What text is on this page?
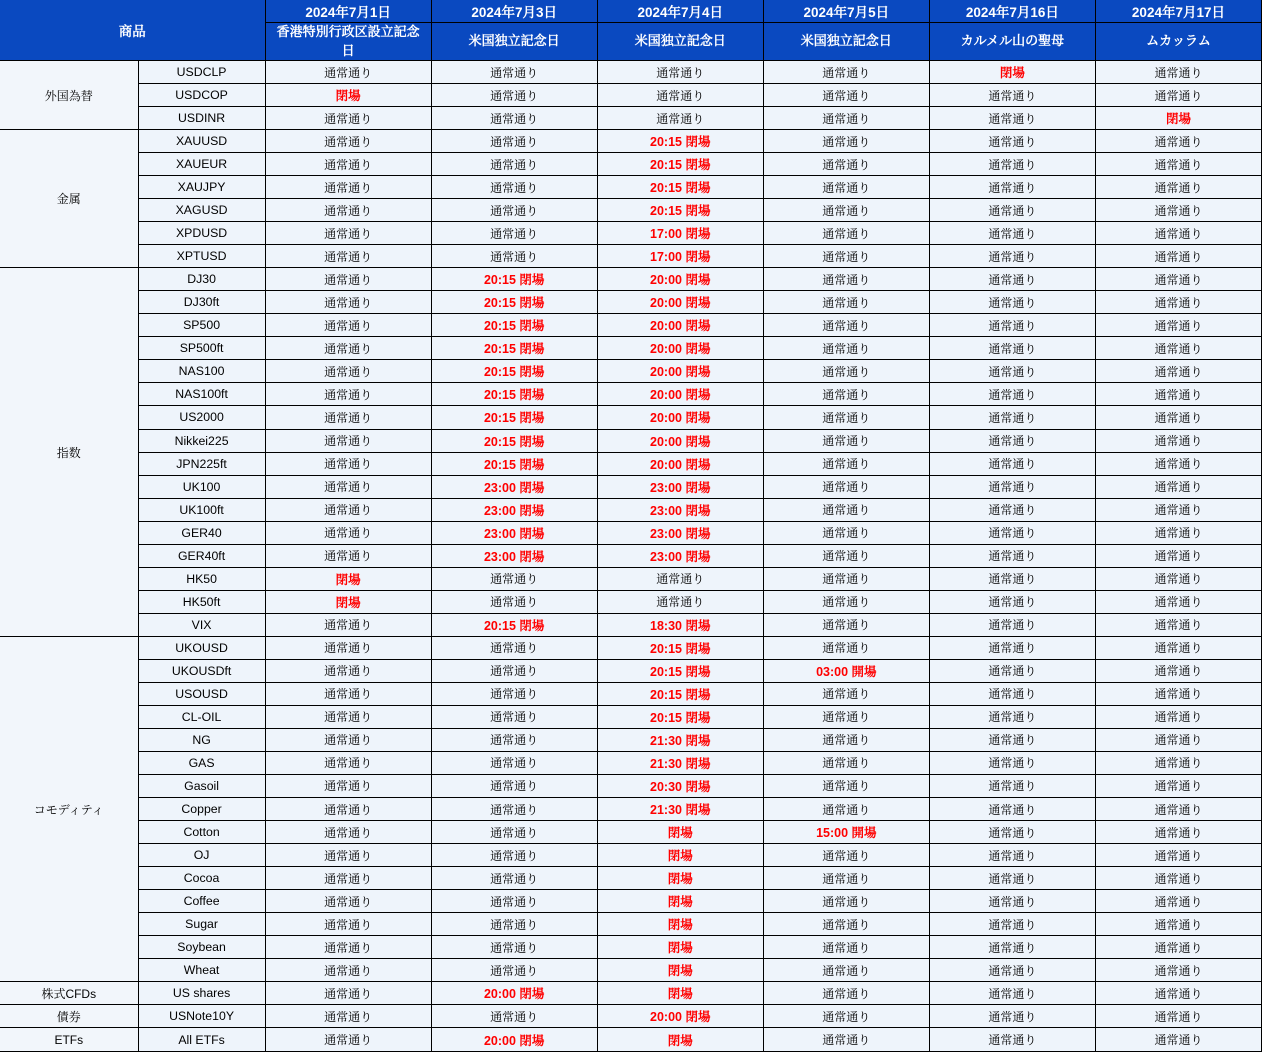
商品		2024年7月1日	2024年7月3日	2024年7月4日	2024年7月5日	2024年7月16日	2024年7月17日
		香港特別行政区設立記念日	米国独立記念日	米国独立記念日	米国独立記念日	カルメル山の聖母	ムカッラム
外国為替	USDCLP	通常通り	通常通り	通常通り	通常通り	閉場	通常通り
	USDCOP	閉場	通常通り	通常通り	通常通り	通常通り	通常通り
	USDINR	通常通り	通常通り	通常通り	通常通り	通常通り	閉場
金属	XAUUSD	通常通り	通常通り	20:15 閉場	通常通り	通常通り	通常通り
	XAUEUR	通常通り	通常通り	20:15 閉場	通常通り	通常通り	通常通り
	XAUJPY	通常通り	通常通り	20:15 閉場	通常通り	通常通り	通常通り
	XAGUSD	通常通り	通常通り	20:15 閉場	通常通り	通常通り	通常通り
	XPDUSD	通常通り	通常通り	17:00 閉場	通常通り	通常通り	通常通り
	XPTUSD	通常通り	通常通り	17:00 閉場	通常通り	通常通り	通常通り
指数	DJ30	通常通り	20:15 閉場	20:00 閉場	通常通り	通常通り	通常通り
	DJ30ft	通常通り	20:15 閉場	20:00 閉場	通常通り	通常通り	通常通り
	SP500	通常通り	20:15 閉場	20:00 閉場	通常通り	通常通り	通常通り
	SP500ft	通常通り	20:15 閉場	20:00 閉場	通常通り	通常通り	通常通り
	NAS100	通常通り	20:15 閉場	20:00 閉場	通常通り	通常通り	通常通り
	NAS100ft	通常通り	20:15 閉場	20:00 閉場	通常通り	通常通り	通常通り
	US2000	通常通り	20:15 閉場	20:00 閉場	通常通り	通常通り	通常通り
	Nikkei225	通常通り	20:15 閉場	20:00 閉場	通常通り	通常通り	通常通り
	JPN225ft	通常通り	20:15 閉場	20:00 閉場	通常通り	通常通り	通常通り
	UK100	通常通り	23:00 閉場	23:00 閉場	通常通り	通常通り	通常通り
	UK100ft	通常通り	23:00 閉場	23:00 閉場	通常通り	通常通り	通常通り
	GER40	通常通り	23:00 閉場	23:00 閉場	通常通り	通常通り	通常通り
	GER40ft	通常通り	23:00 閉場	23:00 閉場	通常通り	通常通り	通常通り
	HK50	閉場	通常通り	通常通り	通常通り	通常通り	通常通り
	HK50ft	閉場	通常通り	通常通り	通常通り	通常通り	通常通り
	VIX	通常通り	20:15 閉場	18:30 閉場	通常通り	通常通り	通常通り
コモディティ	UKOUSD	通常通り	通常通り	20:15 閉場	通常通り	通常通り	通常通り
	UKOUSDft	通常通り	通常通り	20:15 閉場	03:00 開場	通常通り	通常通り
	USOUSD	通常通り	通常通り	20:15 閉場	通常通り	通常通り	通常通り
	CL-OIL	通常通り	通常通り	20:15 閉場	通常通り	通常通り	通常通り
	NG	通常通り	通常通り	21:30 閉場	通常通り	通常通り	通常通り
	GAS	通常通り	通常通り	21:30 閉場	通常通り	通常通り	通常通り
	Gasoil	通常通り	通常通り	20:30 閉場	通常通り	通常通り	通常通り
	Copper	通常通り	通常通り	21:30 閉場	通常通り	通常通り	通常通り
	Cotton	通常通り	通常通り	閉場	15:00 開場	通常通り	通常通り
	OJ	通常通り	通常通り	閉場	通常通り	通常通り	通常通り
	Cocoa	通常通り	通常通り	閉場	通常通り	通常通り	通常通り
	Coffee	通常通り	通常通り	閉場	通常通り	通常通り	通常通り
	Sugar	通常通り	通常通り	閉場	通常通り	通常通り	通常通り
	Soybean	通常通り	通常通り	閉場	通常通り	通常通り	通常通り
	Wheat	通常通り	通常通り	閉場	通常通り	通常通り	通常通り
株式CFDs	US shares	通常通り	20:00 閉場	閉場	通常通り	通常通り	通常通り
債券	USNote10Y	通常通り	通常通り	20:00 閉場	通常通り	通常通り	通常通り
ETFs	All ETFs	通常通り	20:00 閉場	閉場	通常通り	通常通り	通常通り
